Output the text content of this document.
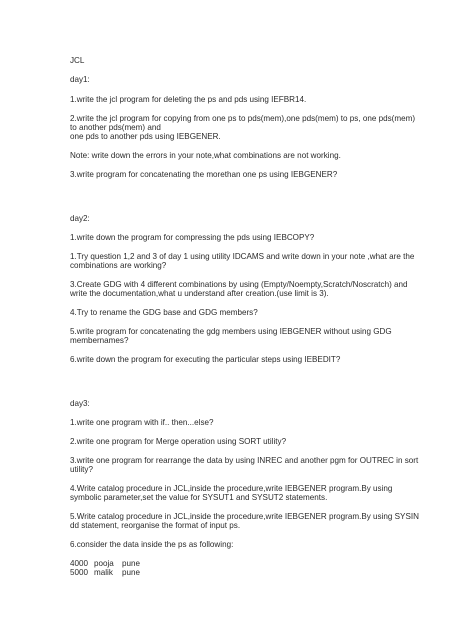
JCL
day1:
1.write the jcl program for deleting the ps and pds using IEFBR14.
2.write the jcl program for copying from one ps to pds(mem),one pds(mem) to ps, one pds(mem)
to another pds(mem) and
one pds to another pds using IEBGENER.
Note: write down the errors in your note,what combinations are not working.
3.write program for concatenating the morethan one ps using IEBGENER?
day2:
1.write down the program for compressing the pds using IEBCOPY?
1.Try question 1,2 and 3 of day 1 using utility IDCAMS and write down in your note ,what are the
combinations are working?
3.Create GDG with 4 different combinations by using (Empty/Noempty,Scratch/Noscratch) and
write the documentation,what u understand after creation.(use limit is 3).
4.Try to rename the GDG base and GDG members?
5.write program for concatenating the gdg members using IEBGENER without using GDG
membernames?
6.write down the program for executing the particular steps using IEBEDIT?
day3:
1.write one program with if.. then...else?
2.write one program for Merge operation using SORT utility?
3.write one program for rearrange the data by using INREC and another pgm for OUTREC in sort
utility?
4.Write catalog procedure in JCL,inside the procedure,write IEBGENER program.By using
symbolic parameter,set the value for SYSUT1 and SYSUT2 statements.
5.Write catalog procedure in JCL,inside the procedure,write IEBGENER program.By using SYSIN
dd statement, reorganise the format of input ps.
6.consider the data inside the ps as following:
4000 pooja pune
5000 malik pune
